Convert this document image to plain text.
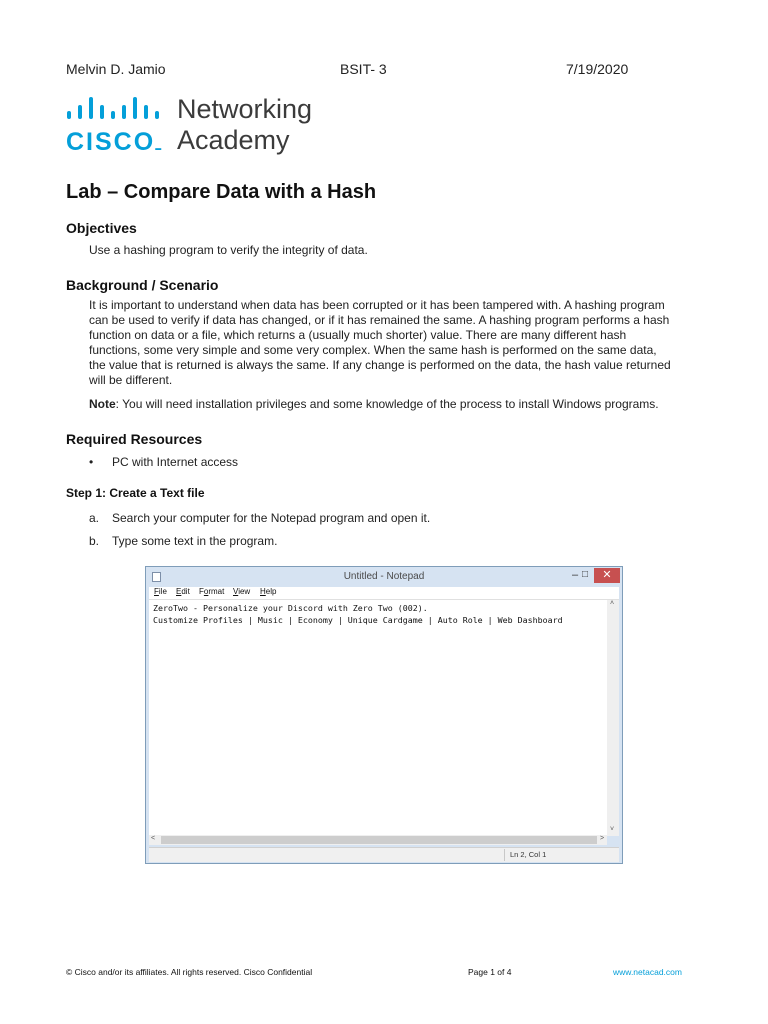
Melvin D. Jamio	BSIT- 3	7/19/2020
CISCO▬
Networking
Academy
Lab – Compare Data with a Hash
Objectives
Use a hashing program to verify the integrity of data.
Background / Scenario
It is important to understand when data has been corrupted or it has been tampered with. A hashing program
can be used to verify if data has changed, or if it has remained the same. A hashing program performs a hash
function on data or a file, which returns a (usually much shorter) value. There are many different hash
functions, some very simple and some very complex. When the same hash is performed on the same data,
the value that is returned is always the same. If any change is performed on the data, the hash value returned
will be different.
Note: You will need installation privileges and some knowledge of the process to install Windows programs.
Required Resources
• PC with Internet access
Step 1: Create a Text file
a. Search your computer for the Notepad program and open it.
b. Type some text in the program.
Untitled - Notepad	– □	✕
File Edit Format View Help
ZeroTwo - Personalize your Discord with Zero Two (002).
Customize Profiles | Music | Economy | Unique Cardgame | Auto Role | Web Dashboard
˄
˅
<	>
Ln 2, Col 1
© Cisco and/or its affiliates. All rights reserved. Cisco Confidential	Page 1 of 4	www.netacad.com
